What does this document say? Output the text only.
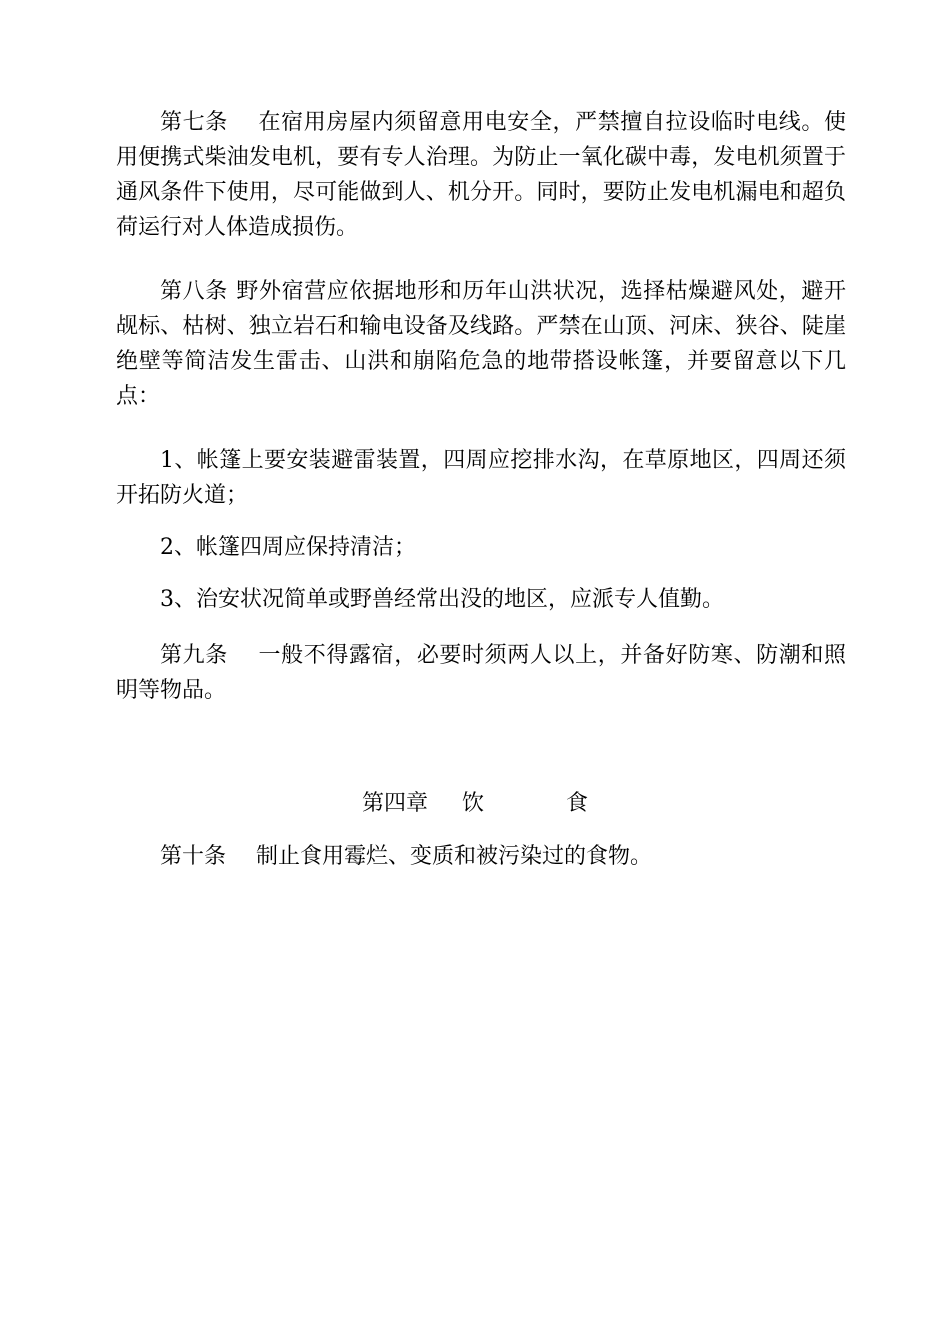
第七条 在宿用房屋内须留意用电安全，严禁擅自拉设临时电线。使用便携式柴油发电机，要有专人治理。为防止一氧化碳中毒，发电机须置于通风条件下使用，尽可能做到人、机分开。同时，要防止发电机漏电和超负荷运行对人体造成损伤。

第八条 野外宿营应依据地形和历年山洪状况，选择枯燥避风处，避开觇标、枯树、独立岩石和输电设备及线路。严禁在山顶、河床、狭谷、陡崖绝壁等简洁发生雷击、山洪和崩陷危急的地带搭设帐篷，并要留意以下几点：

1、帐篷上要安装避雷装置，四周应挖排水沟，在草原地区，四周还须开拓防火道；

2、帐篷四周应保持清洁；

3、治安状况简单或野兽经常出没的地区，应派专人值勤。

第九条 一般不得露宿，必要时须两人以上，并备好防寒、防潮和照明等物品。

第四章 饮	食

第十条 制止食用霉烂、变质和被污染过的食物。
